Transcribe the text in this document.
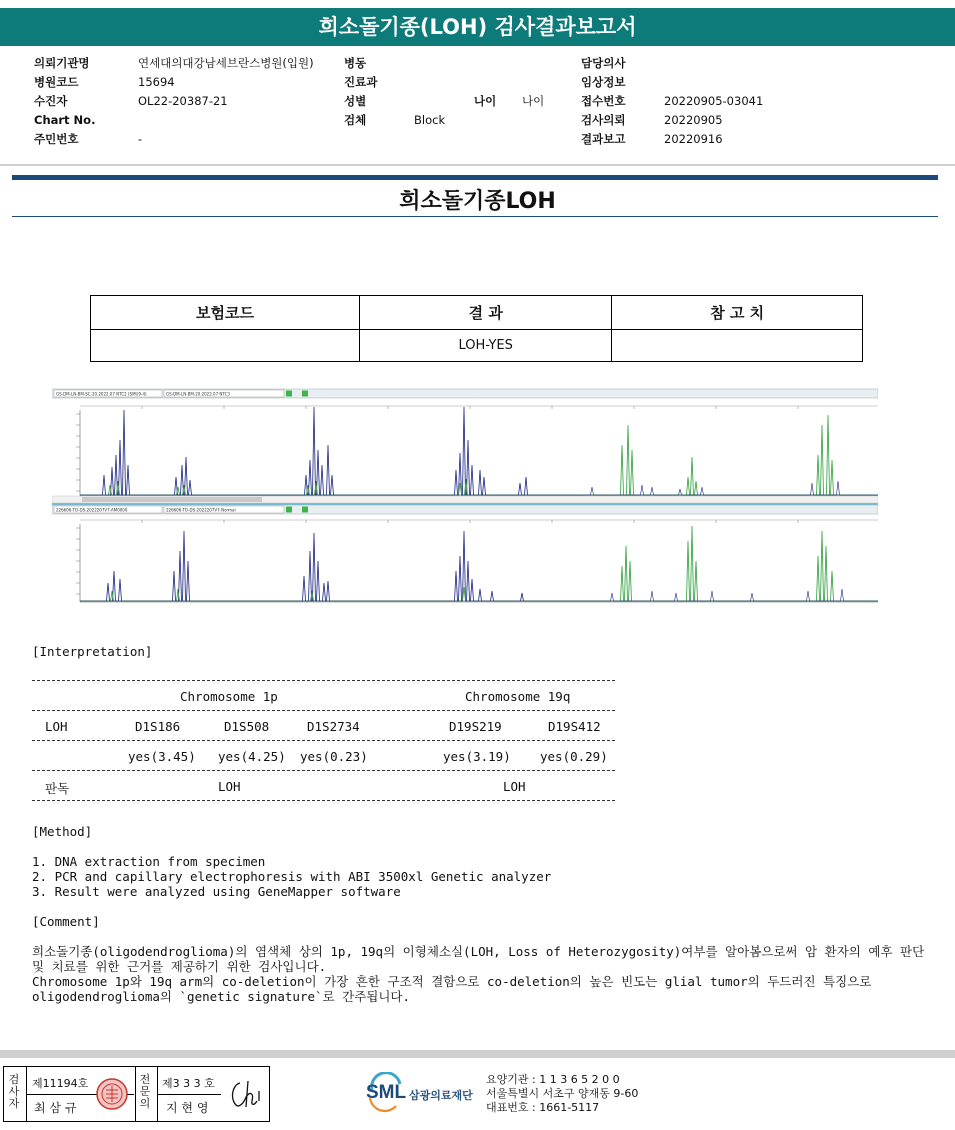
희소돌기종(LOH) 검사결과보고서
의뢰기관명	연세대의대강남세브란스병원(입원)
병원코드	15694
수진자	OL22-20387-21
Chart No.
주민번호	-
병동
진료과
성별	나이 나이
검체	Block
담당의사
임상정보
접수번호	20220905-03041
검사의뢰	20220905
결과보고	20220916
희소돌기종LOH
보험코드	결 과	참 고 치
	LOH-YES	
GS-DM-LN-BM-SC-20.2022.07 NTC2 (SMU9-4)	GS-DM-LN-BM-20.2022.07 NTC3
226606-TO-DS-2022207V7-AM0000	226606-TO-DS-2022207V7-Normal
[Interpretation]
Chromosome 1p	Chromosome 19q
LOH	D1S186	D1S508	D1S2734	D19S219	D19S412
yes(3.45) yes(4.25) yes(0.23)	yes(3.19) yes(0.29)
판독	LOH	LOH
[Method]
1. DNA extraction from specimen
2. PCR and capillary electrophoresis with ABI 3500xl Genetic analyzer
3. Result were analyzed using GeneMapper software
[Comment]
희소돌기종(oligodendroglioma)의 염색체 상의 1p, 19q의 이형체소실(LOH, Loss of Heterozygosity)여부를 알아봄으로써 암 환자의 예후 판단 및 치료를 위한 근거를 제공하기 위한 검사입니다.
Chromosome 1p와 19q arm의 co-deletion이 가장 흔한 구조적 결함으로 co-deletion의 높은 빈도는 glial tumor의 두드러진 특징으로 oligodendroglioma의 `genetic signature`로 간주됩니다.
검사자
제11194호
최 삼 규
전문의
제3 3 3 호
지 현 영
SML 삼광의료재단
요양기관 : 1 1 3 6 5 2 0 0
서울특별시 서초구 양재동 9-60
대표번호 : 1661-5117
